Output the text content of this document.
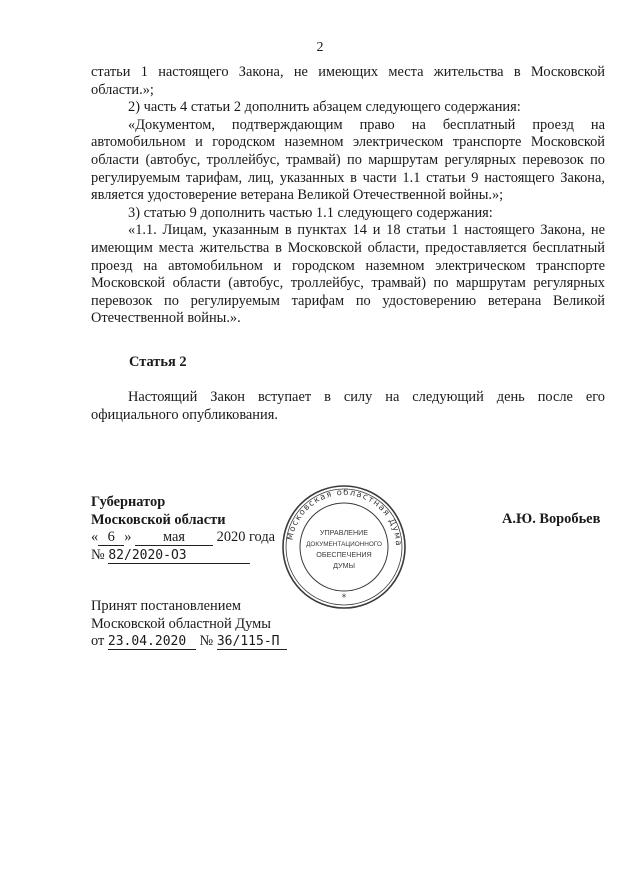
2

статьи 1 настоящего Закона, не имеющих места жительства в Московской области.»;

2) часть 4 статьи 2 дополнить абзацем следующего содержания:

«Документом, подтверждающим право на бесплатный проезд на автомобильном и городском наземном электрическом транспорте Московской области (автобус, троллейбус, трамвай) по маршрутам регулярных перевозок по регулируемым тарифам, лиц, указанных в части 1.1 статьи 9 настоящего Закона, является удостоверение ветерана Великой Отечественной войны.»;

3) статью 9 дополнить частью 1.1 следующего содержания:

«1.1. Лицам, указанным в пунктах 14 и 18 статьи 1 настоящего Закона, не имеющим места жительства в Московской области, предоставляется бесплатный проезд на автомобильном и городском наземном электрическом транспорте Московской области (автобус, троллейбус, трамвай) по маршрутам регулярных перевозок по регулируемым тарифам по удостоверению ветерана Великой Отечественной войны.».

Статья 2

Настоящий Закон вступает в силу на следующий день после его официального опубликования.

Губернатор
Московской области
« 6 » мая 2020 года
№ 82/2020-ОЗ
А.Ю. Воробьев
Принят постановлением
Московской областной Думы
от 23.04.2020 № 36/115-П
Московская областная Дума
*
УПРАВЛЕНИЕ
ДОКУМЕНТАЦИОННОГО
ОБЕСПЕЧЕНИЯ
ДУМЫ
